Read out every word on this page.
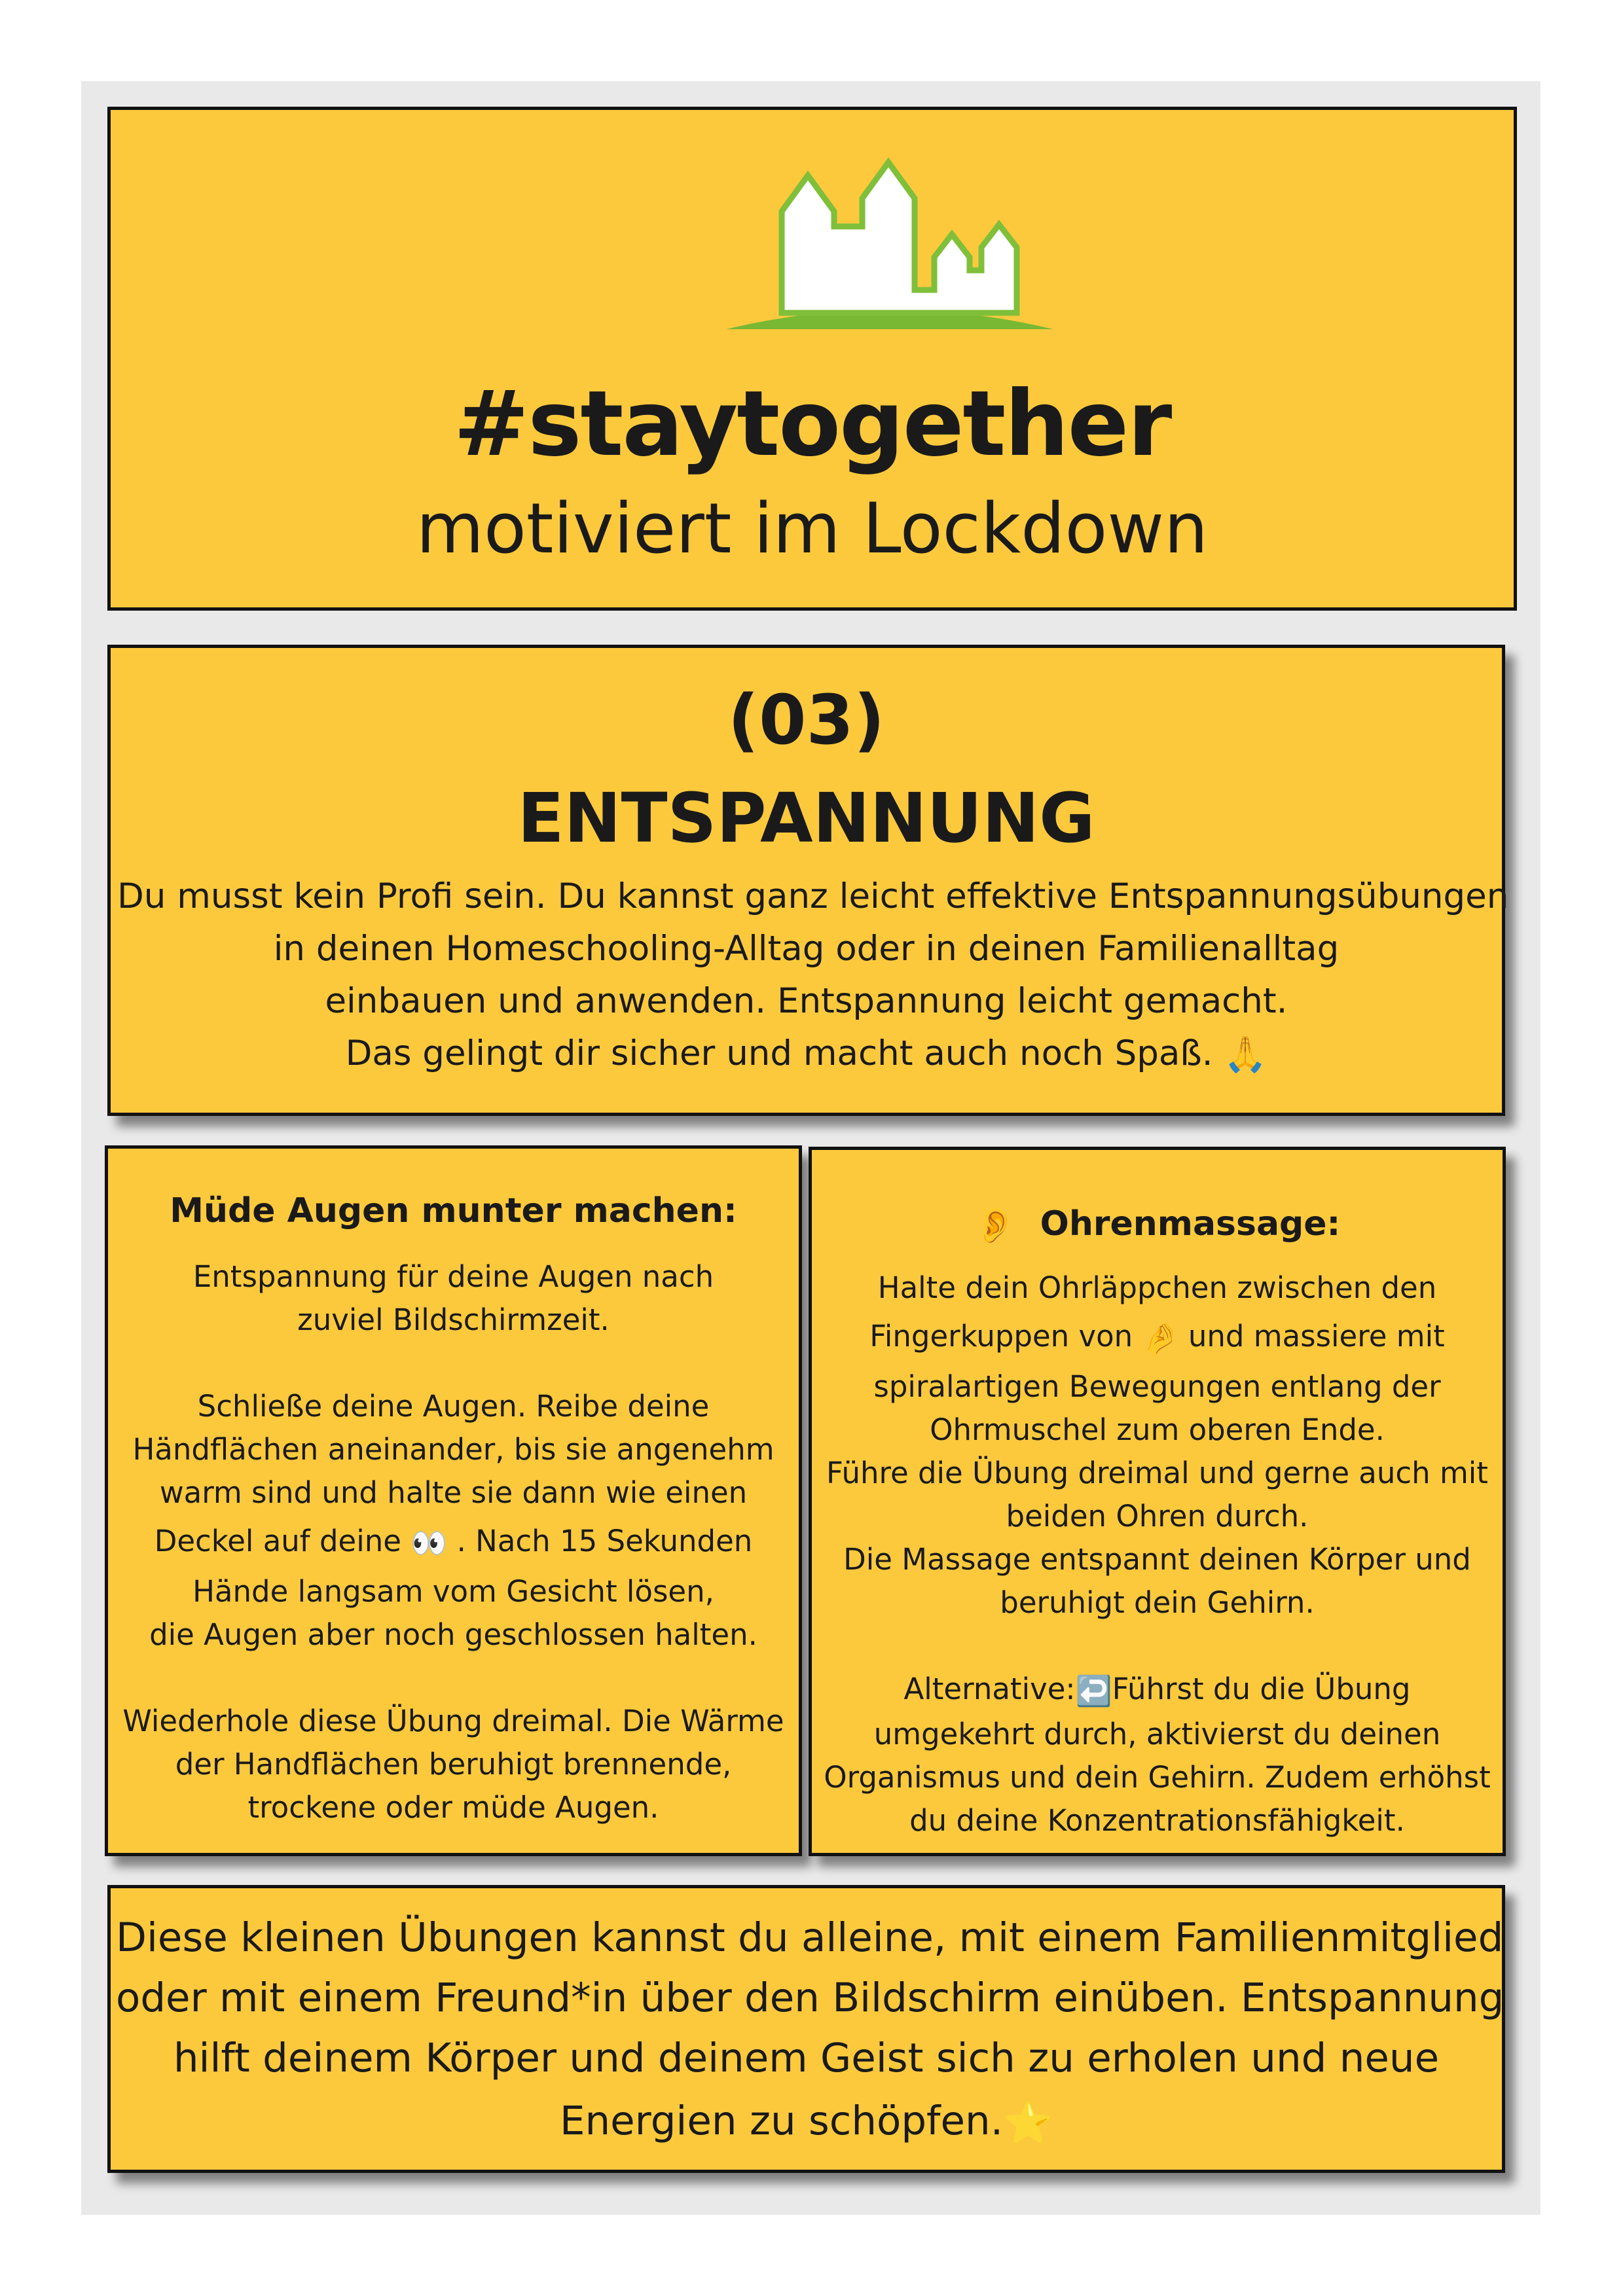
#staytogether
motiviert im Lockdown
(03)
ENTSPANNUNG
Du musst kein Profi sein. Du kannst ganz leicht effektive Entspannungsübungen
in deinen Homeschooling-Alltag oder in deinen Familienalltag
einbauen und anwenden. Entspannung leicht gemacht.
Das gelingt dir sicher und macht auch noch Spaß. 🙏
Müde Augen munter machen:
Entspannung für deine Augen nach
zuviel Bildschirmzeit.
Schließe deine Augen. Reibe deine
Händflächen aneinander, bis sie angenehm
warm sind und halte sie dann wie einen
Deckel auf deine 👀 . Nach 15 Sekunden
Hände langsam vom Gesicht lösen,
die Augen aber noch geschlossen halten.
Wiederhole diese Übung dreimal. Die Wärme
der Handflächen beruhigt brennende,
trockene oder müde Augen.
👂 Ohrenmassage:
Halte dein Ohrläppchen zwischen den
Fingerkuppen von 🤌 und massiere mit
spiralartigen Bewegungen entlang der
Ohrmuschel zum oberen Ende.
Führe die Übung dreimal und gerne auch mit
beiden Ohren durch.
Die Massage entspannt deinen Körper und
beruhigt dein Gehirn.
Alternative:↩️Führst du die Übung
umgekehrt durch, aktivierst du deinen
Organismus und dein Gehirn. Zudem erhöhst
du deine Konzentrationsfähigkeit.
Diese kleinen Übungen kannst du alleine, mit einem Familienmitglied
oder mit einem Freund*in über den Bildschirm einüben. Entspannung
hilft deinem Körper und deinem Geist sich zu erholen und neue
Energien zu schöpfen.⭐
